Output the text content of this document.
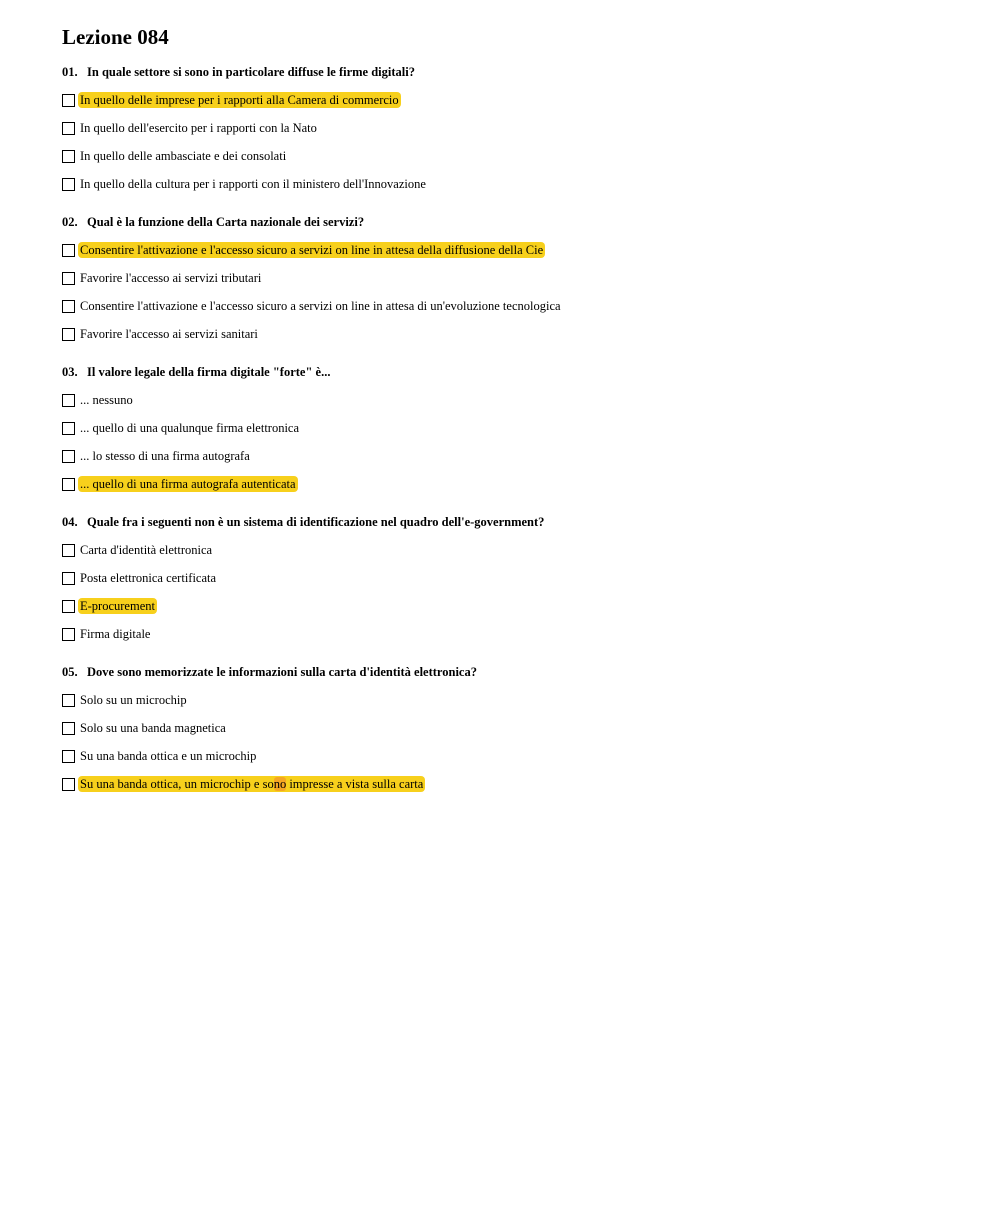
Lezione 084
01. In quale settore si sono in particolare diffuse le firme digitali?
In quello delle imprese per i rapporti alla Camera di commercio
In quello dell'esercito per i rapporti con la Nato
In quello delle ambasciate e dei consolati
In quello della cultura per i rapporti con il ministero dell'Innovazione
02. Qual è la funzione della Carta nazionale dei servizi?
Consentire l'attivazione e l'accesso sicuro a servizi on line in attesa della diffusione della Cie
Favorire l'accesso ai servizi tributari
Consentire l'attivazione e l'accesso sicuro a servizi on line in attesa di un'evoluzione tecnologica
Favorire l'accesso ai servizi sanitari
03. Il valore legale della firma digitale "forte" è...
... nessuno
... quello di una qualunque firma elettronica
... lo stesso di una firma autografa
... quello di una firma autografa autenticata
04. Quale fra i seguenti non è un sistema di identificazione nel quadro dell'e-government?
Carta d'identità elettronica
Posta elettronica certificata
E-procurement
Firma digitale
05. Dove sono memorizzate le informazioni sulla carta d'identità elettronica?
Solo su un microchip
Solo su una banda magnetica
Su una banda ottica e un microchip
Su una banda ottica, un microchip e sono impresse a vista sulla carta
